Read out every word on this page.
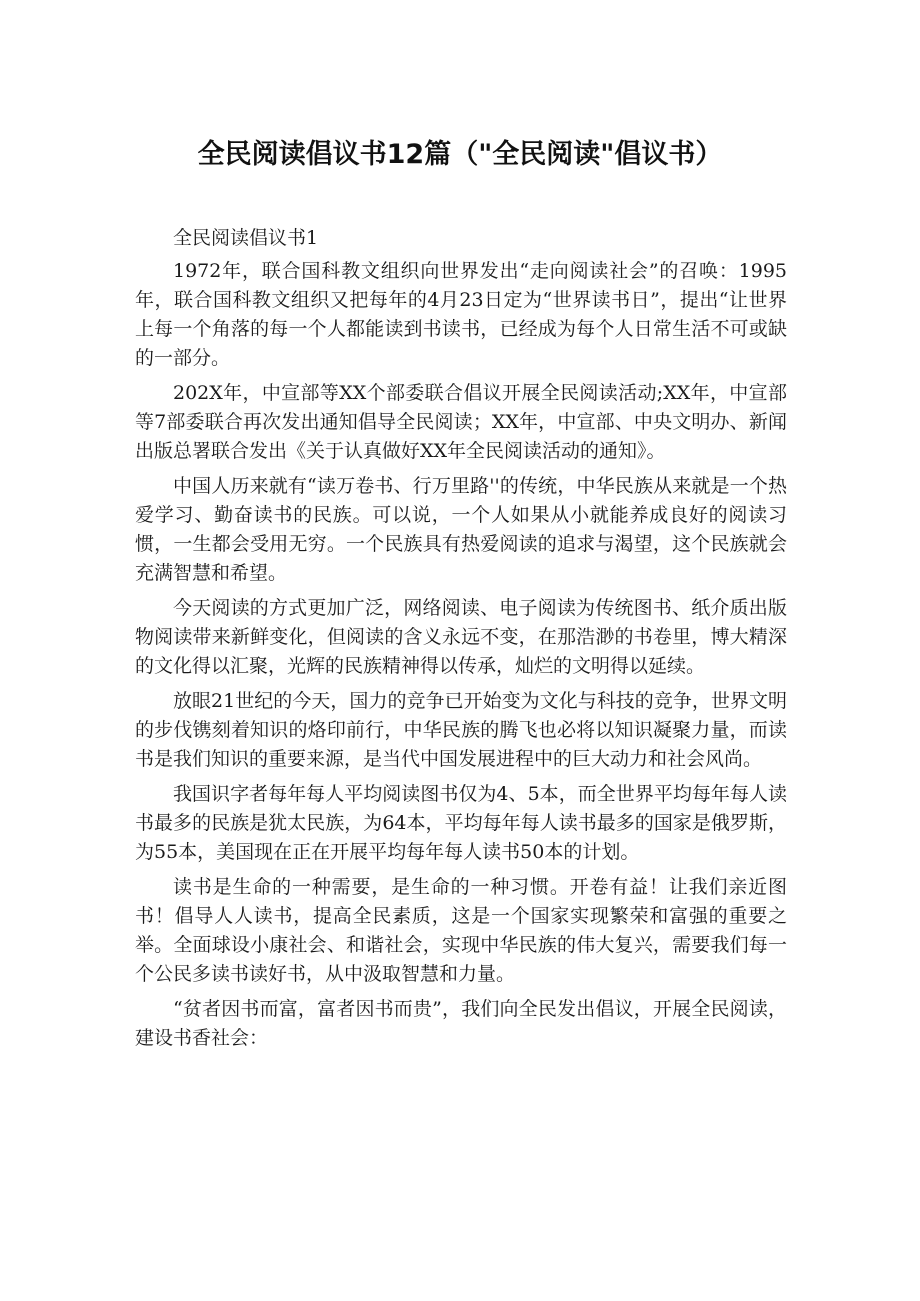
全民阅读倡议书12篇（"全民阅读"倡议书）

全民阅读倡议书1

1972年，联合国科教文组织向世界发出“走向阅读社会”的召唤：1995年，联合国科教文组织又把每年的4月23日定为“世界读书日”，提出“让世界上每一个角落的每一个人都能读到书读书，已经成为每个人日常生活不可或缺的一部分。

202X年，中宣部等XX个部委联合倡议开展全民阅读活动;XX年，中宣部等7部委联合再次发出通知倡导全民阅读；XX年，中宣部、中央文明办、新闻出版总署联合发出《关于认真做好XX年全民阅读活动的通知》。

中国人历来就有“读万卷书、行万里路''的传统，中华民族从来就是一个热爱学习、勤奋读书的民族。可以说，一个人如果从小就能养成良好的阅读习惯，一生都会受用无穷。一个民族具有热爱阅读的追求与渴望，这个民族就会充满智慧和希望。

今天阅读的方式更加广泛，网络阅读、电子阅读为传统图书、纸介质出版物阅读带来新鲜变化，但阅读的含义永远不变，在那浩渺的书卷里，博大精深的文化得以汇聚，光辉的民族精神得以传承，灿烂的文明得以延续。

放眼21世纪的今天，国力的竞争已开始变为文化与科技的竞争，世界文明的步伐镌刻着知识的烙印前行，中华民族的腾飞也必将以知识凝聚力量，而读书是我们知识的重要来源，是当代中国发展进程中的巨大动力和社会风尚。

我国识字者每年每人平均阅读图书仅为4、5本，而全世界平均每年每人读书最多的民族是犹太民族，为64本，平均每年每人读书最多的国家是俄罗斯，为55本，美国现在正在开展平均每年每人读书50本的计划。

读书是生命的一种需要，是生命的一种习惯。开卷有益！让我们亲近图书！倡导人人读书，提高全民素质，这是一个国家实现繁荣和富强的重要之举。全面球设小康社会、和谐社会，实现中华民族的伟大复兴，需要我们每一个公民多读书读好书，从中汲取智慧和力量。

“贫者因书而富，富者因书而贵”，我们向全民发出倡议，开展全民阅读，建设书香社会：
